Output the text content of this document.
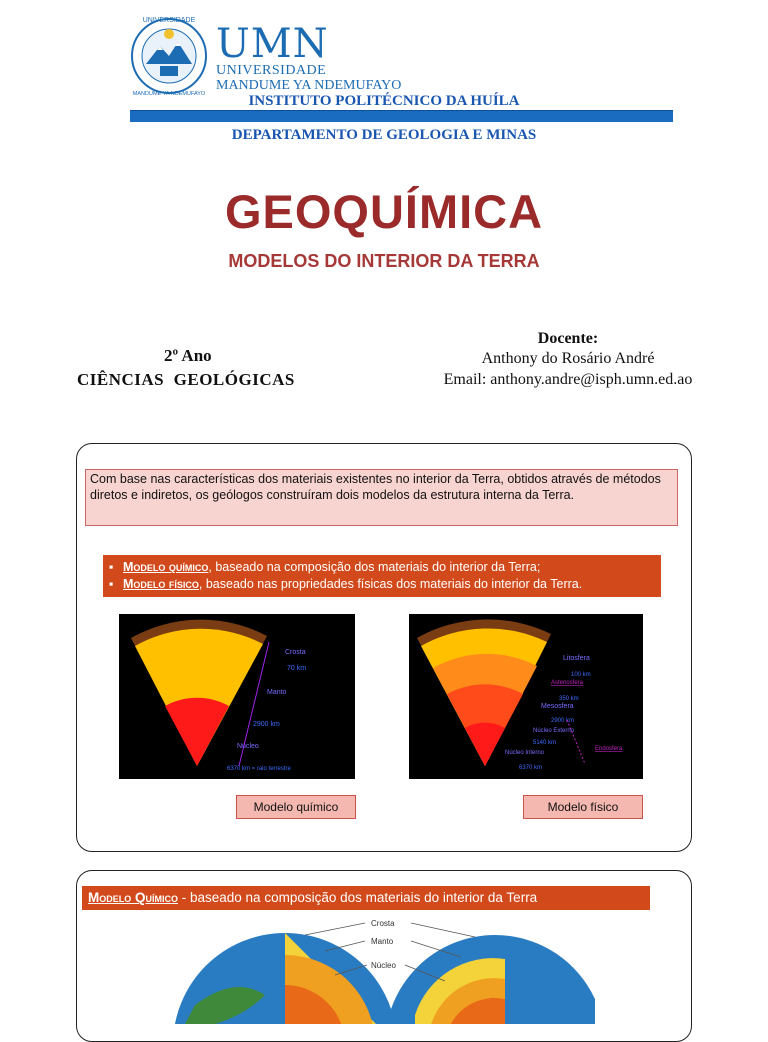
UNIVERSIDADE
MANDUME YA NDEMUFAYO
UMN
UNIVERSIDADE
MANDUME YA NDEMUFAYO
INSTITUTO POLITÉCNICO DA HUÍLA
DEPARTAMENTO DE GEOLOGIA E MINAS
GEOQUÍMICA
MODELOS DO INTERIOR DA TERRA
2º Ano
CIÊNCIAS  GEOLÓGICAS
Docente:
Anthony do Rosário André
Email: anthony.andre@isph.umn.ed.ao
Com base nas características dos materiais existentes no interior da Terra, obtidos através de métodos diretos e indiretos, os geólogos construíram dois modelos da estrutura interna da Terra.
▪ Modelo químico, baseado na composição dos materiais do interior da Terra;
▪ Modelo físico, baseado nas propriedades físicas dos materiais do interior da Terra.
Crosta
70 km
Manto
2900 km
Núcleo
6370 km = raio terrestre
Litosfera
100 km
Astenosfera
350 km
Mesosfera
2900 km
Núcleo Externo
5140 km
Núcleo Interno
6370 km
Endosfera
Modelo químico	Modelo físico
Modelo Químico - baseado na composição dos materiais do interior da Terra
Crosta
Manto
Núcleo
